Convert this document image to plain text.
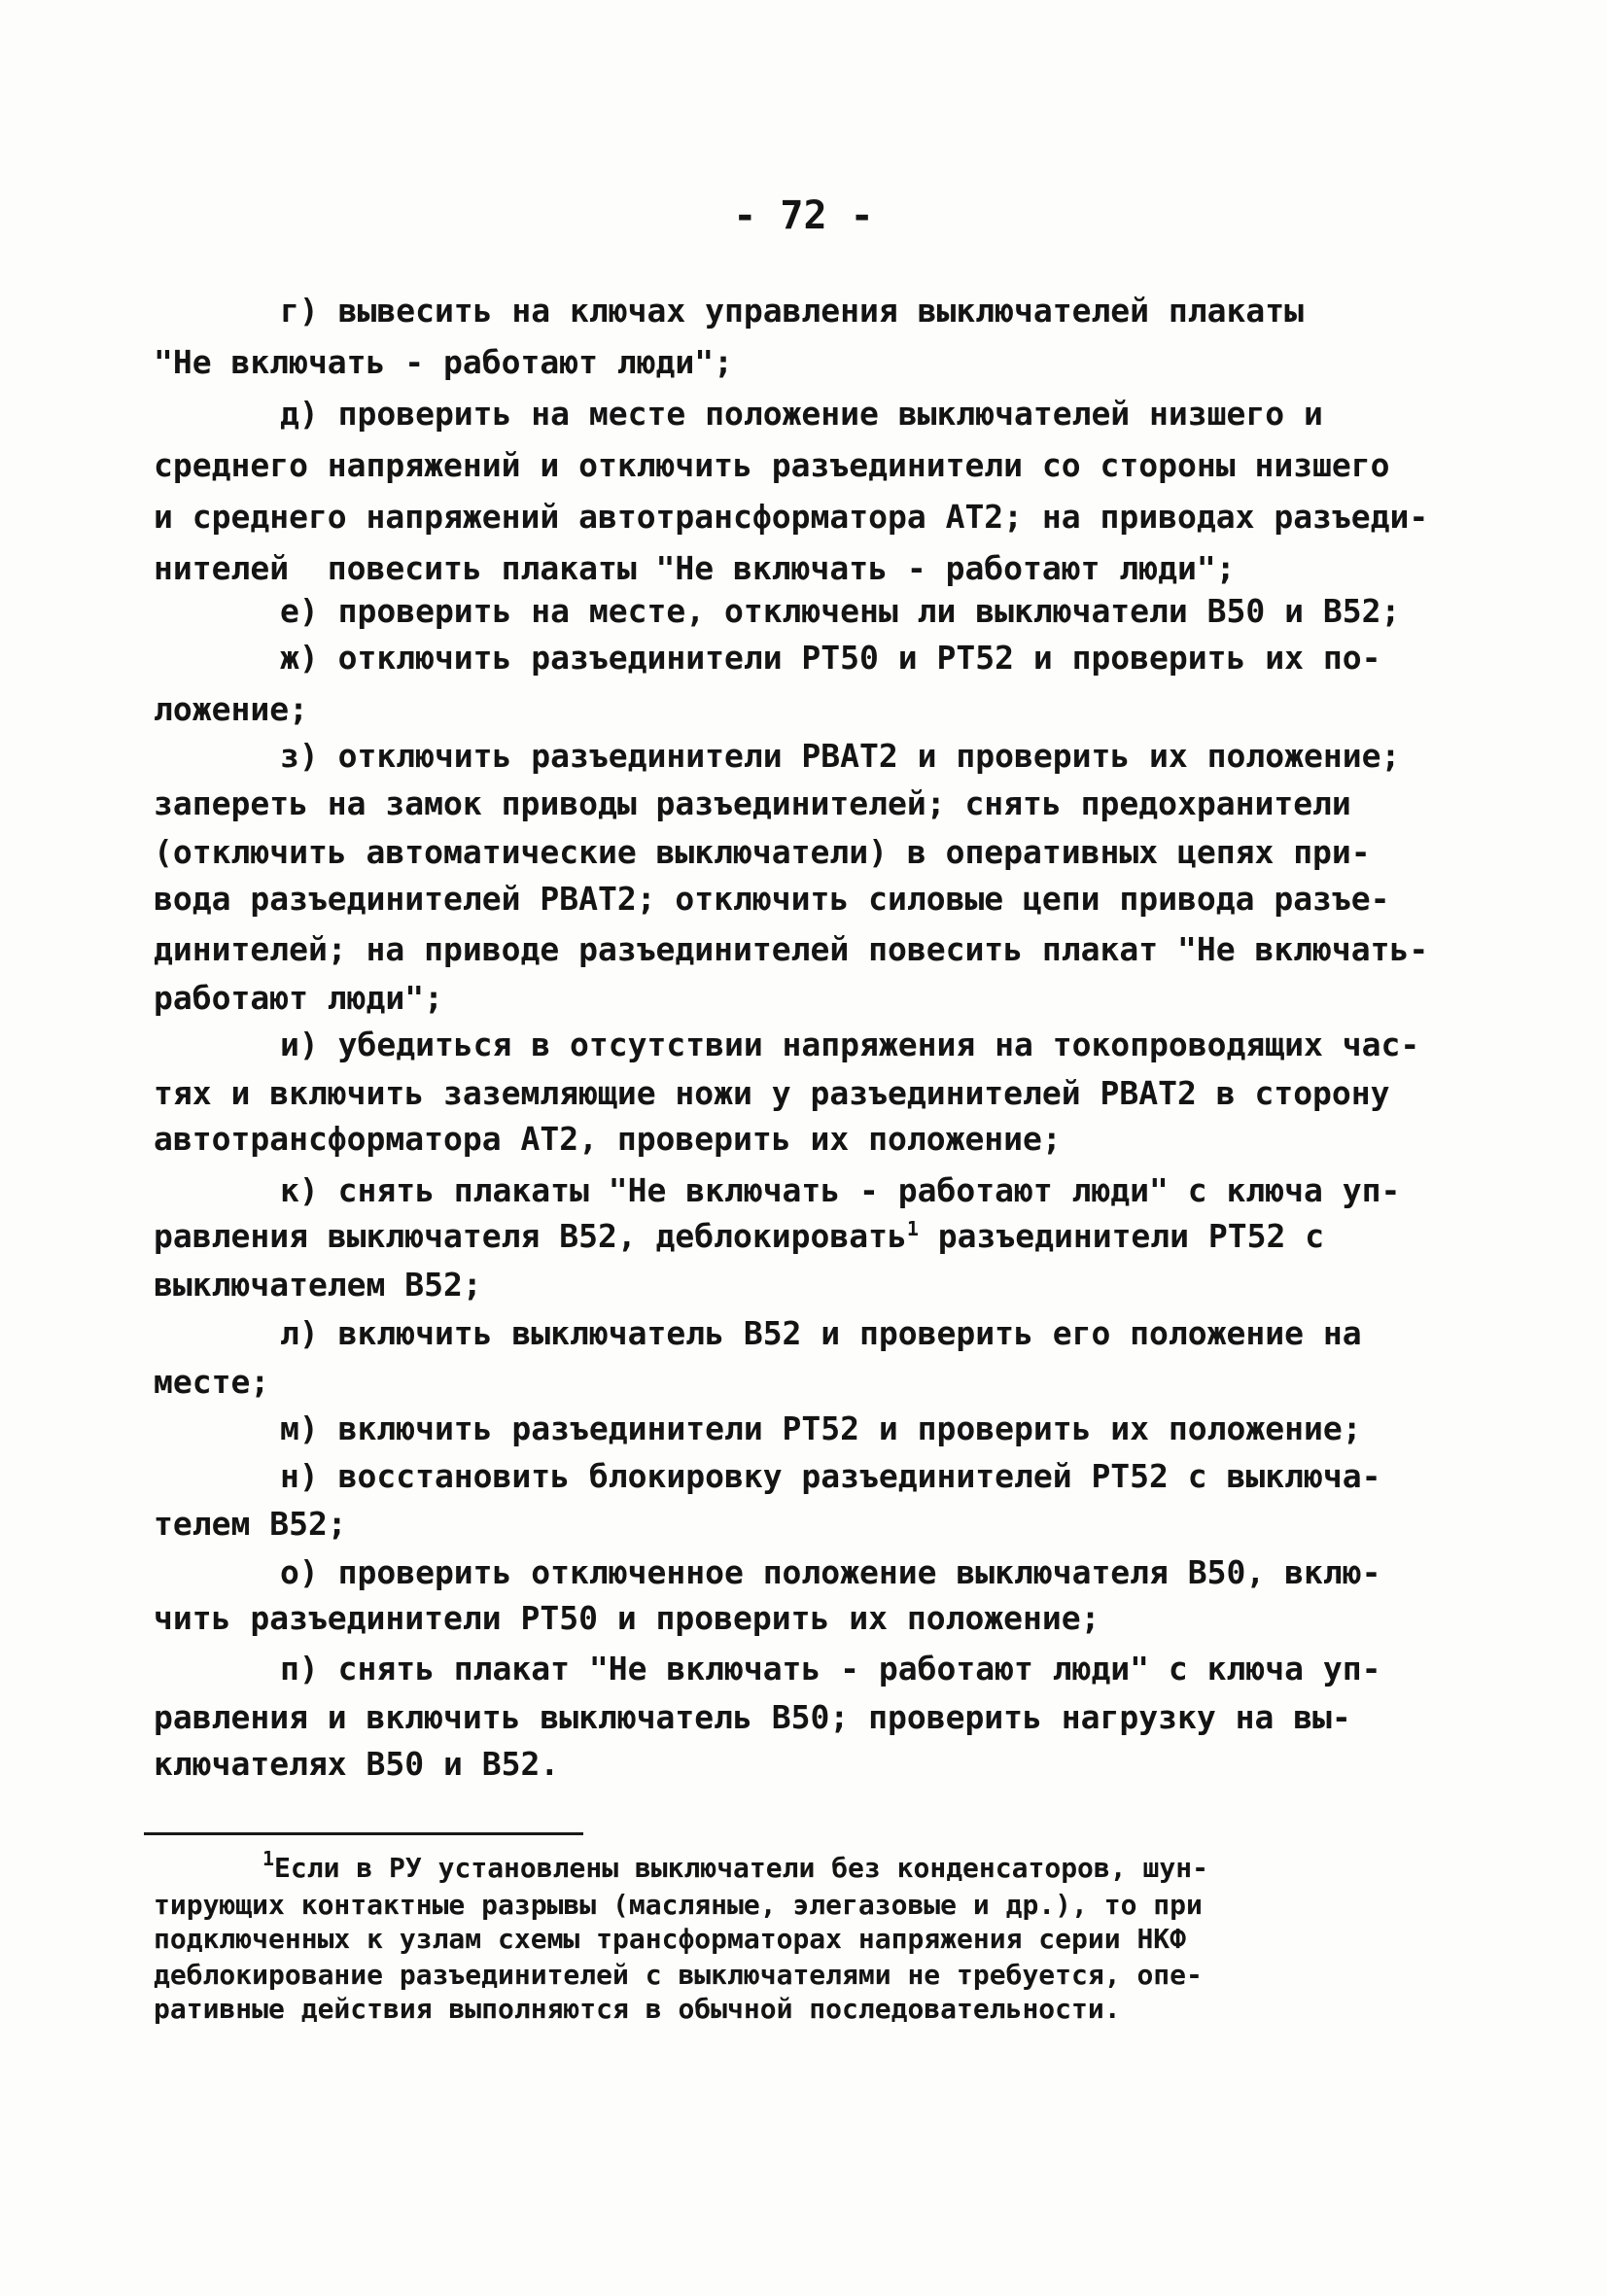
- 72 -
г) вывесить на ключах управления выключателей плакаты
"Не включать - работают люди";
д) проверить на месте положение выключателей низшего и
среднего напряжений и отключить разъединители со стороны низшего
и среднего напряжений автотрансформатора АТ2; на приводах разъеди-
нителей  повесить плакаты "Не включать - работают люди";
е) проверить на месте, отключены ли выключатели В50 и В52;
ж) отключить разъединители РТ50 и РТ52 и проверить их по-
ложение;
з) отключить разъединители РВАТ2 и проверить их положение;
запереть на замок приводы разъединителей; снять предохранители
(отключить автоматические выключатели) в оперативных цепях при-
вода разъединителей РВАТ2; отключить силовые цепи привода разъе-
динителей; на приводе разъединителей повесить плакат "Не включать-
работают люди";
и) убедиться в отсутствии напряжения на токопроводящих час-
тях и включить заземляющие ножи у разъединителей РВАТ2 в сторону
автотрансформатора АТ2, проверить их положение;
к) снять плакаты "Не включать - работают люди" с ключа уп-
равления выключателя В52, деблокировать$^1$ разъединители РТ52 с
выключателем В52;
л) включить выключатель В52 и проверить его положение на
месте;
м) включить разъединители РТ52 и проверить их положение;
н) восстановить блокировку разъединителей РТ52 с выключа-
телем В52;
о) проверить отключенное положение выключателя В50, вклю-
чить разъединители РТ50 и проверить их положение;
п) снять плакат "Не включать - работают люди" с ключа уп-
равления и включить выключатель В50; проверить нагрузку на вы-
ключателях В50 и В52.
$^1$Если в РУ установлены выключатели без конденсаторов, шун-
тирующих контактные разрывы (масляные, элегазовые и др.), то при
подключенных к узлам схемы трансформаторах напряжения серии НКФ
деблокирование разъединителей с выключателями не требуется, опе-
ративные действия выполняются в обычной последовательности.
